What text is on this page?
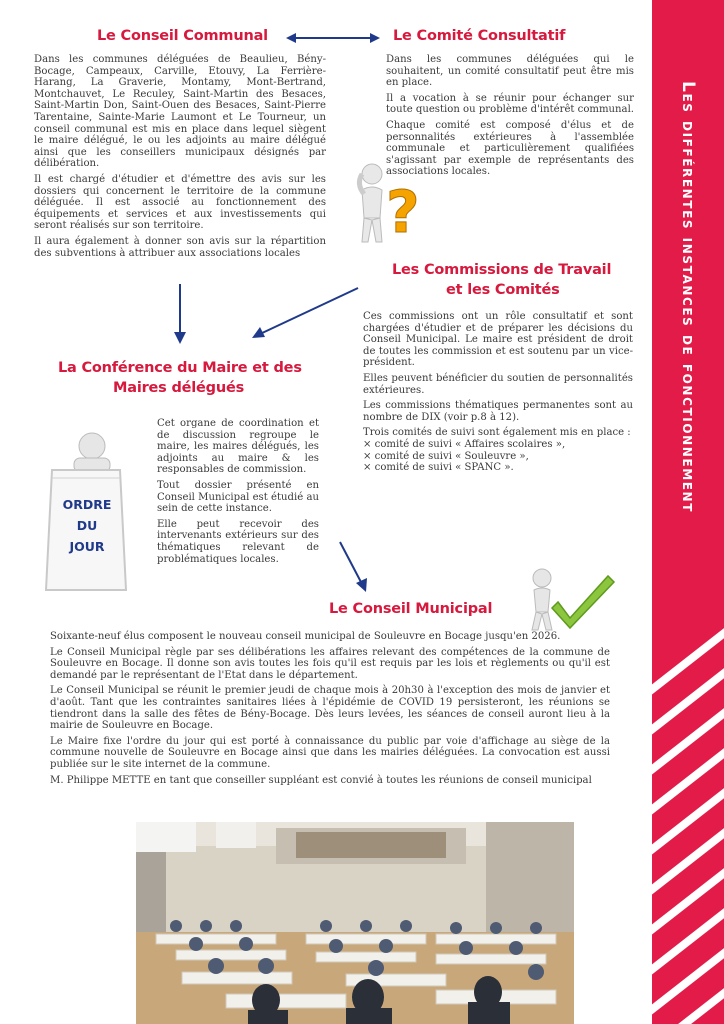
Les différentes instances de fonctionnement
Le Conseil Communal

Dans les communes déléguées de Beaulieu, Bény-Bocage, Campeaux, Carville, Etouvy, La Ferrière-Harang, La Graverie, Montamy, Mont-Bertrand, Montchauvet, Le Reculey, Saint-Martin des Besaces, Saint-Martin Don, Saint-Ouen des Besaces, Saint-Pierre Tarentaine, Sainte-Marie Laumont et Le Tourneur, un conseil communal est mis en place dans lequel siègent le maire délégué, le ou les adjoints au maire délégué ainsi que les conseillers municipaux désignés par délibération.

Il est chargé d'étudier et d'émettre des avis sur les dossiers qui concernent le territoire de la commune déléguée. Il est associé au fonctionnement des équipements et services et aux investissements qui seront réalisés sur son territoire.

Il aura également à donner son avis sur la répartition des subventions à attribuer aux associations locales

Le Comité Consultatif

Dans les communes déléguées qui le souhaitent, un comité consultatif peut être mis en place.

Il a vocation à se réunir pour échanger sur toute question ou problème d'intérêt communal.

Chaque comité est composé d'élus et de personnalités extérieures à l'assemblée communale et particulièrement qualifiées s'agissant par exemple de représentants des associations locales.

?
Les Commissions de Travail
et les Comités

Ces commissions ont un rôle consultatif et sont chargées d'étudier et de préparer les décisions du Conseil Municipal. Le maire est président de droit de toutes les commission et est soutenu par un vice-président.

Elles peuvent bénéficier du soutien de personnalités extérieures.

Les commissions thématiques permanentes sont au nombre de DIX (voir p.8 à 12).

Trois comités de suivi sont également mis en place :

× comité de suivi « Affaires scolaires »,
× comité de suivi « Souleuvre »,
× comité de suivi « SPANC ».
La Conférence du Maire et des
Maires délégués

Cet organe de coordination et de discussion regroupe le maire, les maires délégués, les adjoints au maire & les responsables de commission.

Tout dossier présenté en Conseil Municipal est étudié au sein de cette instance.

Elle peut recevoir des intervenants extérieurs sur des thématiques relevant de problématiques locales.

ORDRE
DU
JOUR
Le Conseil Municipal

Soixante-neuf élus composent le nouveau conseil municipal de Souleuvre en Bocage jusqu'en 2026.

Le Conseil Municipal règle par ses délibérations les affaires relevant des compétences de la commune de Souleuvre en Bocage. Il donne son avis toutes les fois qu'il est requis par les lois et règlements ou qu'il est demandé par le représentant de l'Etat dans le département.

Le Conseil Municipal se réunit le premier jeudi de chaque mois à 20h30 à l'exception des mois de janvier et d'août. Tant que les contraintes sanitaires liées à l'épidémie de COVID 19 persisteront, les réunions se tiendront dans la salle des fêtes de Bény-Bocage. Dès leurs levées, les séances de conseil auront lieu à la mairie de Souleuvre en Bocage.

Le Maire fixe l'ordre du jour qui est porté à connaissance du public par voie d'affichage au siège de la commune nouvelle de Souleuvre en Bocage ainsi que dans les mairies déléguées. La convocation est aussi publiée sur le site internet de la commune.

M. Philippe METTE en tant que conseiller suppléant est convié à toutes les réunions de conseil municipal
